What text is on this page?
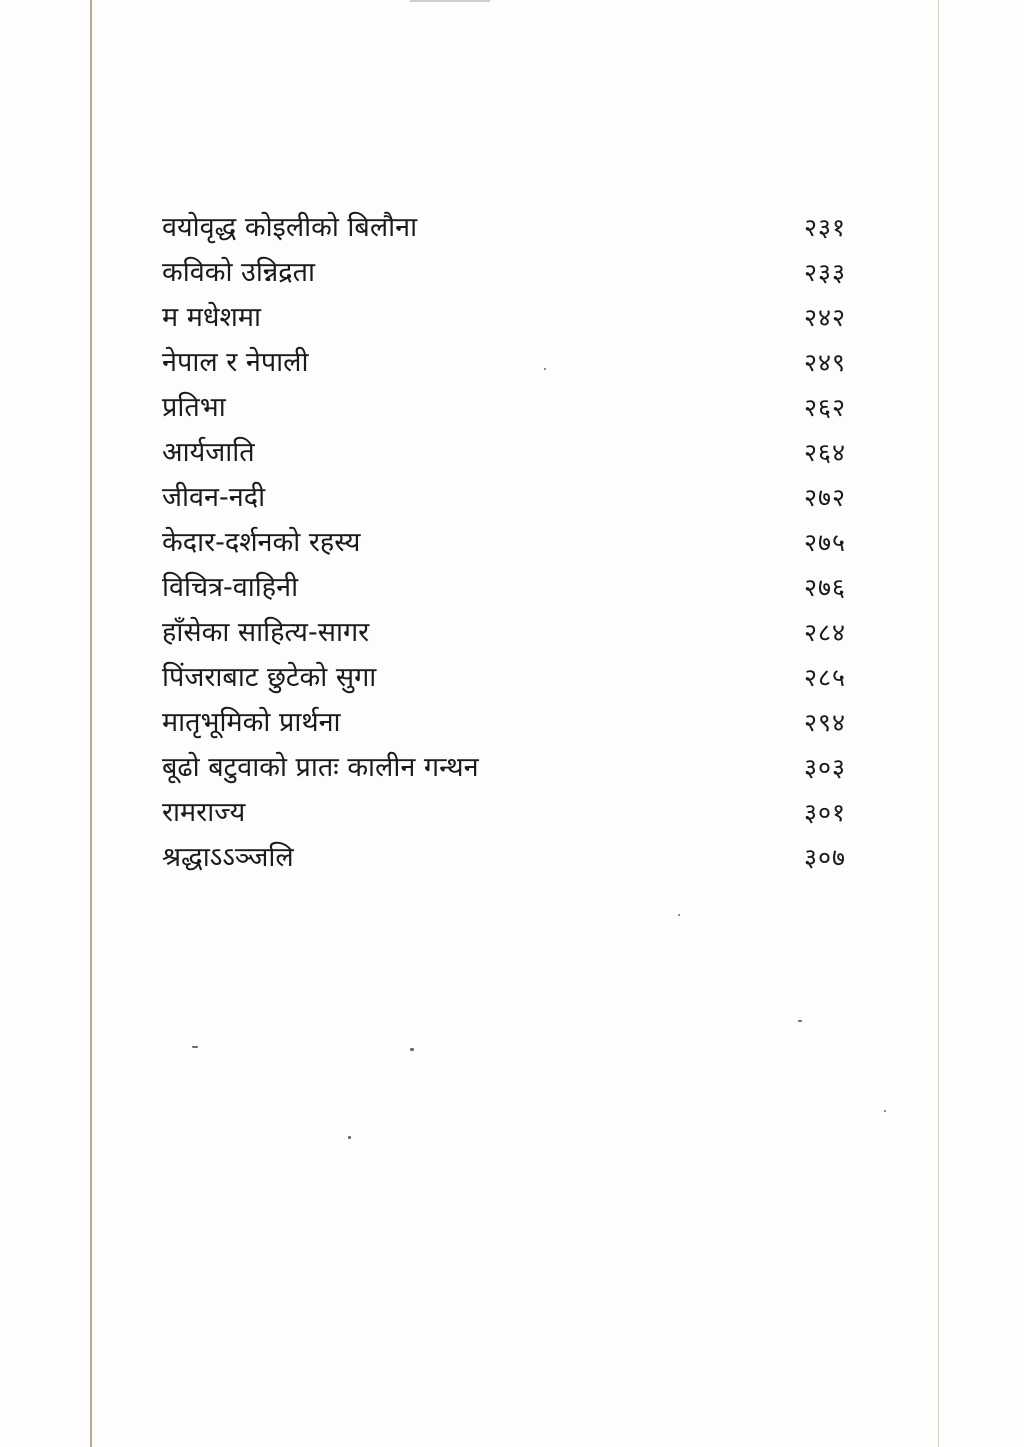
वयोवृद्ध कोइलीको बिलौना	२३१
कविको उन्निद्रता	२३३
म मधेशमा	२४२
नेपाल र नेपाली	२४९
प्रतिभा	२६२
आर्यजाति	२६४
जीवन-नदी	२७२
केदार-दर्शनको रहस्य	२७५
विचित्र-वाहिनी	२७६
हाँसेका साहित्य-सागर	२८४
पिंजराबाट छुटेको सुगा	२८५
मातृभूमिको प्रार्थना	२९४
बूढो बटुवाको प्रातः कालीन गन्थन	३०३
रामराज्य	३०१
श्रद्धाऽऽञ्जलि	३०७
